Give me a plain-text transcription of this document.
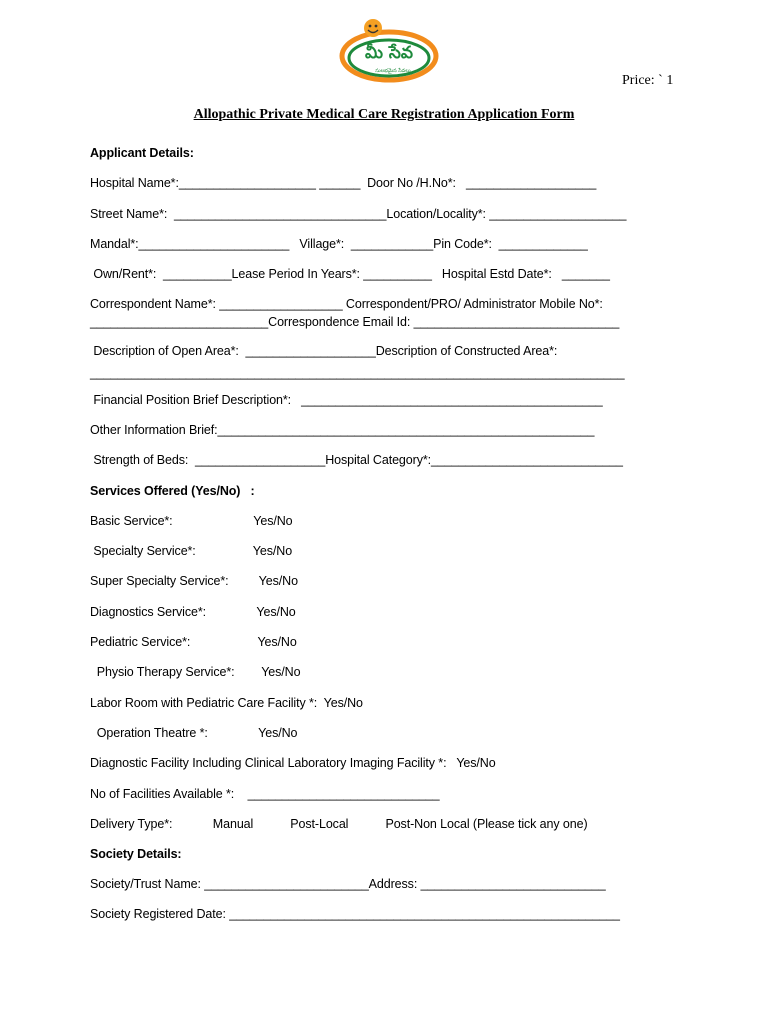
మీ సేవ
సులభమైన సేవలు
Price: ` 1
Allopathic Private Medical Care Registration Application Form
Applicant Details:
Hospital Name*:____________________ ______  Door No /H.No*:   ___________________
Street Name*:  _______________________________Location/Locality*: ____________________
Mandal*:______________________   Village*:  ____________Pin Code*:  _____________
Own/Rent*:  __________Lease Period In Years*: __________   Hospital Estd Date*:   _______
Correspondent Name*: __________________ Correspondent/PRO/ Administrator Mobile No*:
__________________________Correspondence Email Id: ______________________________
Description of Open Area*:  ___________________Description of Constructed Area*:
______________________________________________________________________________
Financial Position Brief Description*:   ____________________________________________
Other Information Brief:_______________________________________________________
Strength of Beds:  ___________________Hospital Category*:____________________________
Services Offered (Yes/No)   :
Basic Service*:                        Yes/No
Specialty Service*:                 Yes/No
Super Specialty Service*:         Yes/No
Diagnostics Service*:               Yes/No
Pediatric Service*:                    Yes/No
Physio Therapy Service*:        Yes/No
Labor Room with Pediatric Care Facility *:  Yes/No
Operation Theatre *:               Yes/No
Diagnostic Facility Including Clinical Laboratory Imaging Facility *:   Yes/No
No of Facilities Available *:    ____________________________
Delivery Type*:            Manual           Post-Local           Post-Non Local (Please tick any one)
Society Details:
Society/Trust Name: ________________________Address: ___________________________
Society Registered Date: _________________________________________________________
